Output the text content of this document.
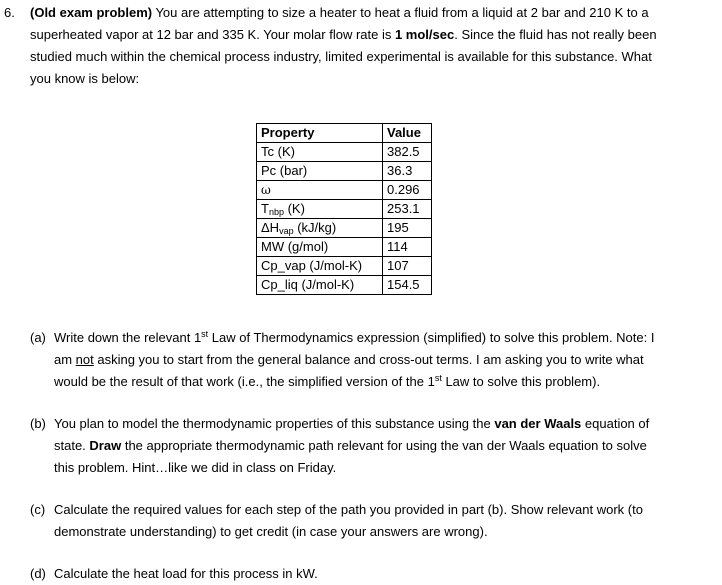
6. (Old exam problem) You are attempting to size a heater to heat a fluid from a liquid at 2 bar and 210 K to a
superheated vapor at 12 bar and 335 K. Your molar flow rate is 1 mol/sec. Since the fluid has not really been
studied much within the chemical process industry, limited experimental is available for this substance. What
you know is below:
Property	Value
Tc (K)	382.5
Pc (bar)	36.3
ω	0.296
$T_{nbp}$ (K)	253.1
$\Delta H_{vap}$ (kJ/kg)	195
MW (g/mol)	114
Cp_vap (J/mol-K)	107
Cp_liq (J/mol-K)	154.5
(a) Write down the relevant 1st Law of Thermodynamics expression (simplified) to solve this problem. Note: I
am not asking you to start from the general balance and cross-out terms. I am asking you to write what
would be the result of that work (i.e., the simplified version of the 1st Law to solve this problem).
(b) You plan to model the thermodynamic properties of this substance using the van der Waals equation of
state. Draw the appropriate thermodynamic path relevant for using the van der Waals equation to solve
this problem. Hint…like we did in class on Friday.
(c) Calculate the required values for each step of the path you provided in part (b). Show relevant work (to
demonstrate understanding) to get credit (in case your answers are wrong).
(d) Calculate the heat load for this process in kW.
